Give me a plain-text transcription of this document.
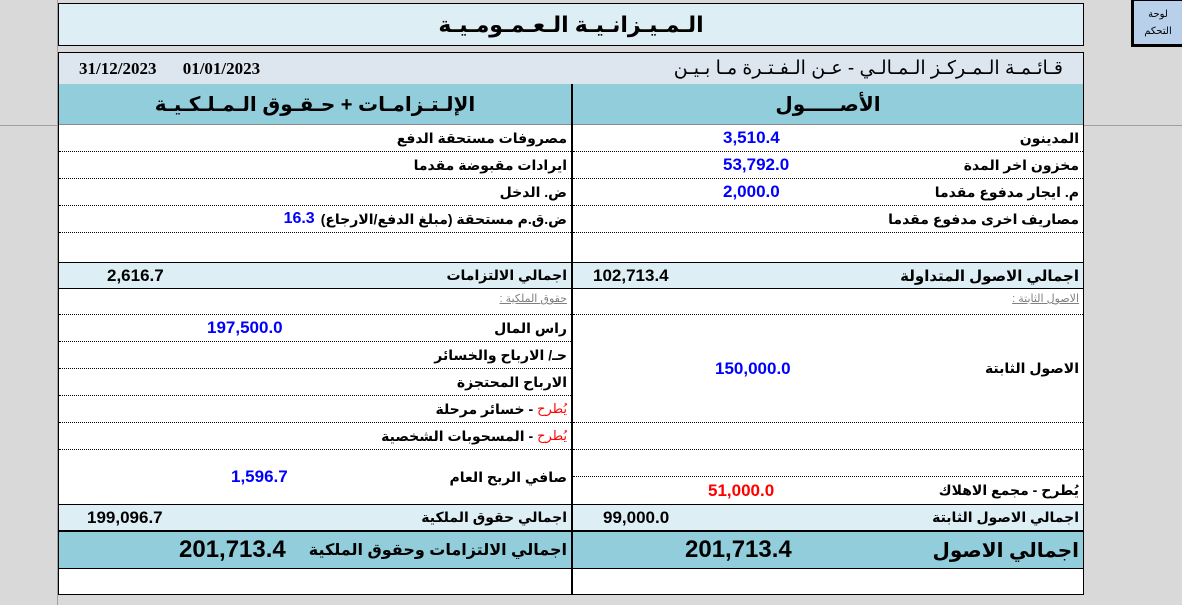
الـمـيـزانـيـة الـعـمـومـيـة	لوحة التحكم
31/12/2023 01/01/2023	قـائـمـة الـمـركـز الـمـالـي - عـن الـفـتـرة مـا بـيـن
الأصـــــول
المدينون
3,510.4
مخزون اخر المدة
53,792.0
م. ايجار مدفوع مقدما
2,000.0
مصاريف اخرى مدفوع مقدما
اجمالي الاصول المتداولة
102,713.4
الاصول الثابتة :
الاصول الثابتة
150,000.0
يُطرح
- مجمع الاهلاك
51,000.0
اجمالي الاصول الثابتة
99,000.0
اجمالي الاصول
201,713.4
الإلـتـزامـات + حـقـوق الـمـلـكـيـة
مصروفات مستحقة الدفع
ايرادات مقبوضة مقدما
ض. الدخل
ض.ق.م مستحقة (مبلغ الدفع/الارجاع)
16.3
اجمالي الالتزامات
2,616.7
حقوق الملكية :
راس المال
197,500.0
حـ/ الارباح والخسائر
الارباح المحتجزة
يُطرح
- خسائر مرحلة
يُطرح
- المسحوبات الشخصية
صافي الربح العام
1,596.7
اجمالي حقوق الملكية
199,096.7
اجمالي الالتزامات وحقوق الملكية
201,713.4
